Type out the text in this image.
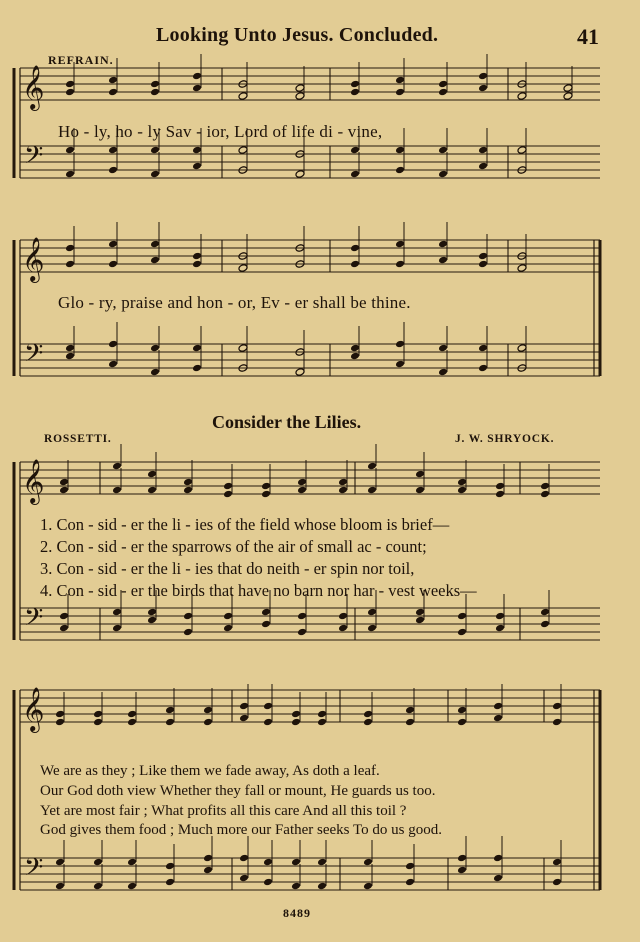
Looking Unto Jesus. Concluded.	41
𝄞
𝄢
𝄞
𝄢
𝄞
𝄢
𝄞
𝄢
REFRAIN.
Ho - ly, ho - ly Sav - ior, Lord of life di - vine,
Glo - ry, praise and hon - or, Ev - er shall be thine.
Consider the Lilies.
ROSSETTI.	J. W. SHRYOCK.
1. Con - sid - er the li - ies of the field whose bloom is brief—
2. Con - sid - er the sparrows of the air of small ac - count;
3. Con - sid - er the li - ies that do neith - er spin nor toil,
4. Con - sid - er the birds that have no barn nor har - vest weeks—
We are as they ; Like them we fade away, As doth a leaf.
Our God doth view Whether they fall or mount, He guards us too.
Yet are most fair ; What profits all this care And all this toil ?
God gives them food ; Much more our Father seeks To do us good.
8489
